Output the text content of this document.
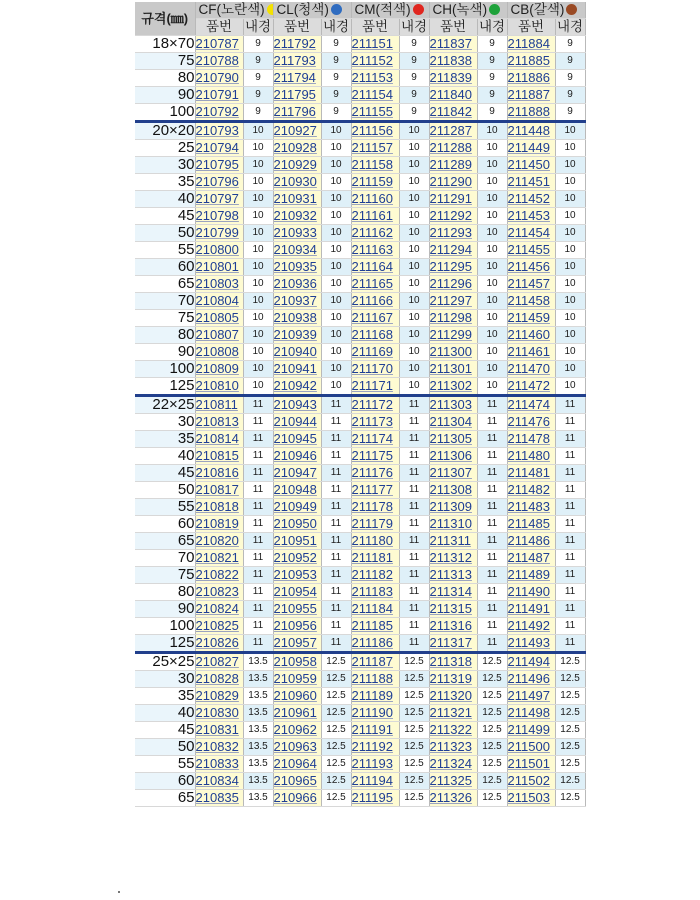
규격(㎜)	CF(노란색)		CL(청색)		CM(적색)		CH(녹색)		CB(갈색)	
	품번	내경	품번	내경	품번	내경	품번	내경	품번	내경
18×70	210787	9	211792	9	211151	9	211837	9	211884	9
75	210788	9	211793	9	211152	9	211838	9	211885	9
80	210790	9	211794	9	211153	9	211839	9	211886	9
90	210791	9	211795	9	211154	9	211840	9	211887	9
100	210792	9	211796	9	211155	9	211842	9	211888	9
20×20	210793	10	210927	10	211156	10	211287	10	211448	10
25	210794	10	210928	10	211157	10	211288	10	211449	10
30	210795	10	210929	10	211158	10	211289	10	211450	10
35	210796	10	210930	10	211159	10	211290	10	211451	10
40	210797	10	210931	10	211160	10	211291	10	211452	10
45	210798	10	210932	10	211161	10	211292	10	211453	10
50	210799	10	210933	10	211162	10	211293	10	211454	10
55	210800	10	210934	10	211163	10	211294	10	211455	10
60	210801	10	210935	10	211164	10	211295	10	211456	10
65	210803	10	210936	10	211165	10	211296	10	211457	10
70	210804	10	210937	10	211166	10	211297	10	211458	10
75	210805	10	210938	10	211167	10	211298	10	211459	10
80	210807	10	210939	10	211168	10	211299	10	211460	10
90	210808	10	210940	10	211169	10	211300	10	211461	10
100	210809	10	210941	10	211170	10	211301	10	211470	10
125	210810	10	210942	10	211171	10	211302	10	211472	10
22×25	210811	11	210943	11	211172	11	211303	11	211474	11
30	210813	11	210944	11	211173	11	211304	11	211476	11
35	210814	11	210945	11	211174	11	211305	11	211478	11
40	210815	11	210946	11	211175	11	211306	11	211480	11
45	210816	11	210947	11	211176	11	211307	11	211481	11
50	210817	11	210948	11	211177	11	211308	11	211482	11
55	210818	11	210949	11	211178	11	211309	11	211483	11
60	210819	11	210950	11	211179	11	211310	11	211485	11
65	210820	11	210951	11	211180	11	211311	11	211486	11
70	210821	11	210952	11	211181	11	211312	11	211487	11
75	210822	11	210953	11	211182	11	211313	11	211489	11
80	210823	11	210954	11	211183	11	211314	11	211490	11
90	210824	11	210955	11	211184	11	211315	11	211491	11
100	210825	11	210956	11	211185	11	211316	11	211492	11
125	210826	11	210957	11	211186	11	211317	11	211493	11
25×25	210827	13.5	210958	12.5	211187	12.5	211318	12.5	211494	12.5
30	210828	13.5	210959	12.5	211188	12.5	211319	12.5	211496	12.5
35	210829	13.5	210960	12.5	211189	12.5	211320	12.5	211497	12.5
40	210830	13.5	210961	12.5	211190	12.5	211321	12.5	211498	12.5
45	210831	13.5	210962	12.5	211191	12.5	211322	12.5	211499	12.5
50	210832	13.5	210963	12.5	211192	12.5	211323	12.5	211500	12.5
55	210833	13.5	210964	12.5	211193	12.5	211324	12.5	211501	12.5
60	210834	13.5	210965	12.5	211194	12.5	211325	12.5	211502	12.5
65	210835	13.5	210966	12.5	211195	12.5	211326	12.5	211503	12.5
